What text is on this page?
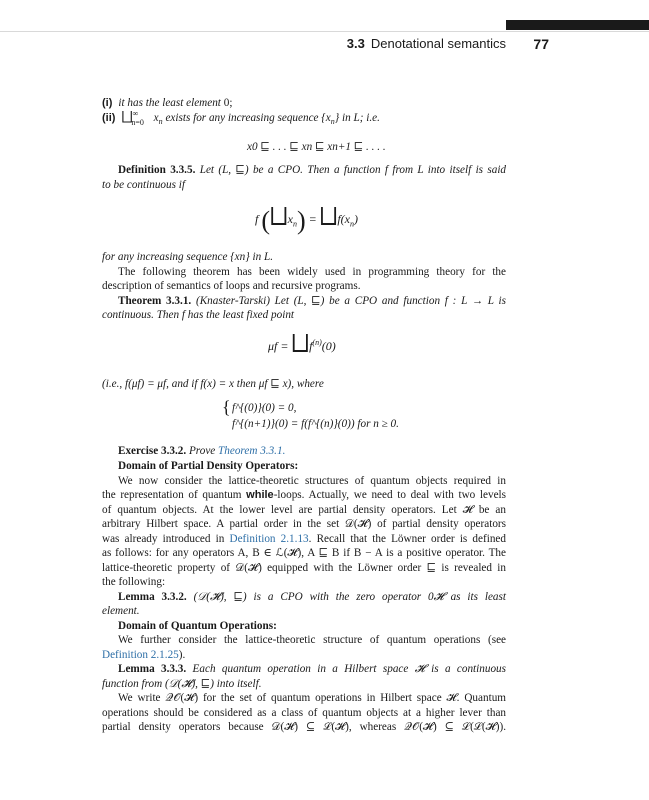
3.3 Denotational semantics 77
(i) it has the least element 0;
(ii) $⨆^\infty_{n=0}$ $x_n$ exists for any increasing sequence $\{x_n\}$ in L; i.e.
x0 ⊑ . . . ⊑ xn ⊑ xn+1 ⊑ . . . .
Definition 3.3.5. Let (L, ⊑) be a CPO. Then a function f from L into itself is said
to be continuous if
f $(⨆x_n)$ = $⨆f(x_n)$
for any increasing sequence {xn} in L.
The following theorem has been widely used in programming theory for the
description of semantics of loops and recursive programs.
Theorem 3.3.1. (Knaster-Tarski) Let (L, ⊑) be a CPO and function f : L → L is
continuous. Then f has the least fixed point
$\mu f = ⨆f^{(n)}(0)$
(i.e., f(μf) = μf, and if f(x) = x then μf ⊑ x), where
{ f^{(0)}(0) = 0,
f^{(n+1)}(0) = f(f^{(n)}(0)) for n ≥ 0.
Exercise 3.3.2. Prove Theorem 3.3.1.
Domain of Partial Density Operators:
We now consider the lattice-theoretic structures of quantum objects required in
the representation of quantum while-loops. Actually, we need to deal with two levels
of quantum objects. At the lower level are partial density operators. Let 𝓗 be an
arbitrary Hilbert space. A partial order in the set 𝒟(𝓗) of partial density operators
was already introduced in Definition 2.1.13. Recall that the Löwner order is defined
as follows: for any operators A, B ∈ ℒ(𝓗), A ⊑ B if B − A is a positive operator. The
lattice-theoretic property of 𝒟(𝓗) equipped with the Löwner order ⊑ is revealed in
the following:
Lemma 3.3.2. (𝒟(𝓗), ⊑) is a CPO with the zero operator 0𝓗 as its least
element.
Domain of Quantum Operations:
We further consider the lattice-theoretic structure of quantum operations (see
Definition 2.1.25).
Lemma 3.3.3. Each quantum operation in a Hilbert space 𝓗 is a continuous
function from (𝒟(𝓗), ⊑) into itself.
We write 𝒬𝒪(𝓗) for the set of quantum operations in Hilbert space 𝓗. Quantum
operations should be considered as a class of quantum objects at a higher lever than
partial density operators because 𝒟(𝓗) ⊆ ℒ(𝓗), whereas 𝒬𝒪(𝓗) ⊆ ℒ(ℒ(𝓗)).
